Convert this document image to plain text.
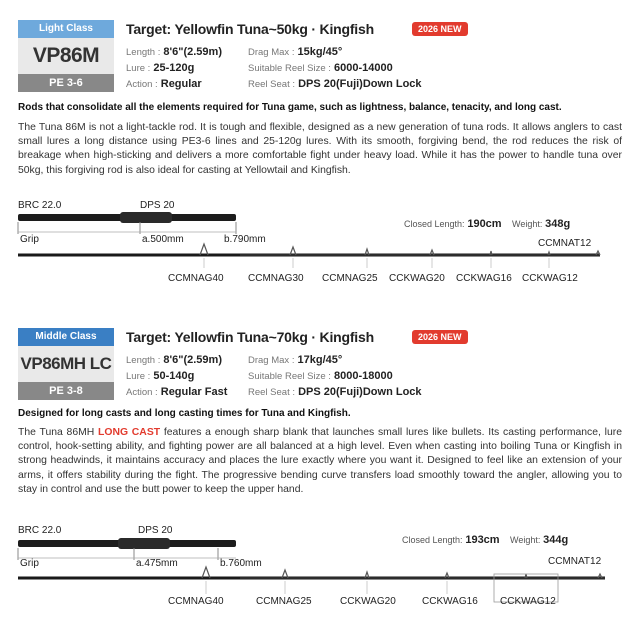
Light Class
VP86M
PE 3-6
Target: Yellowfin Tuna~50kg · Kingfish	2026 NEW
Length : 8'6"(2.59m)
Lure : 25-120g
Action : Regular
Drag Max : 15kg/45°
Suitable Reel Size : 6000-14000
Reel Seat : DPS 20(Fuji)Down Lock
Rods that consolidate all the elements required for Tuna game, such as lightness, balance, tenacity, and long cast.

The Tuna 86M is not a light-tackle rod. It is tough and flexible, designed as a new generation of tuna rods. It allows anglers to cast small lures a long distance using PE3-6 lines and 25-120g lures. With its smooth, forgiving bend, the rod reduces the risk of breakage when high-sticking and delivers a more comfortable fight under heavy load. While it has the power to handle tuna over 50kg, this forgiving rod is also ideal for casting at Yellowtail and Kingfish.

BRC 22.0	DPS 20
Grip	a.500mm	b.790mm
Closed Length: 190cm Weight: 348g
CCMNAT12
CCMNAG40 CCMNAG30 CCMNAG25 CCKWAG20 CCKWAG16 CCKWAG12
Middle Class
VP86MH LC
PE 3-8
Target: Yellowfin Tuna~70kg · Kingfish	2026 NEW
Length : 8'6"(2.59m)
Lure : 50-140g
Action : Regular Fast
Drag Max : 17kg/45°
Suitable Reel Size : 8000-18000
Reel Seat : DPS 20(Fuji)Down Lock
Designed for long casts and long casting times for Tuna and Kingfish.

The Tuna 86MH LONG CAST features a enough sharp blank that launches small lures like bullets. Its casting performance, lure control, hook-setting ability, and fighting power are all balanced at a high level. Even when casting into boiling Tuna or Kingfish in strong headwinds, it maintains accuracy and places the lure exactly where you want it. Designed to feel like an extension of your arms, it offers stability during the fight. The progressive bending curve transfers load smoothly toward the angler, allowing you to stay in control and use the butt power to keep the upper hand.

BRC 22.0	DPS 20
Grip	a.475mm	b.760mm
Closed Length: 193cm Weight: 344g
CCMNAT12
CCMNAG40	CCMNAG25	CCKWAG20	CCKWAG16 CCKWAG12
